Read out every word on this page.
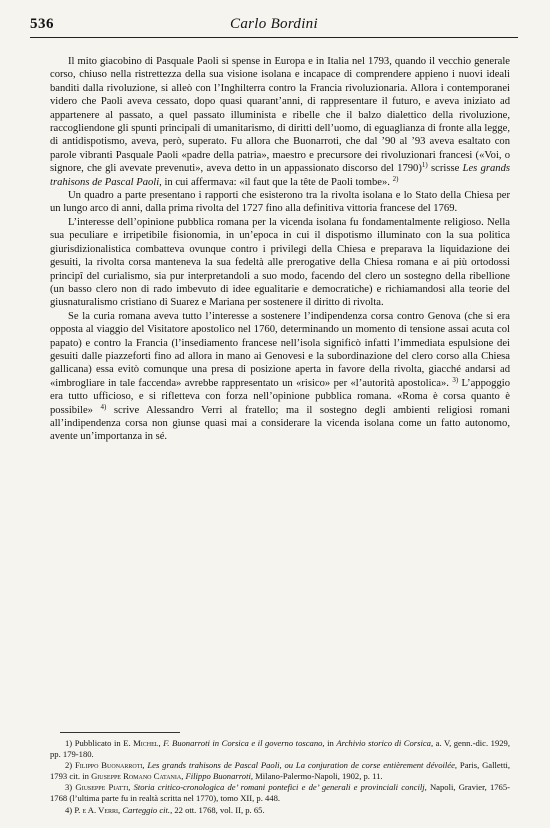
536	Carlo Bordini

Il mito giacobino di Pasquale Paoli si spense in Europa e in Italia nel 1793, quando il vecchio generale corso, chiuso nella ristrettezza della sua visione isolana e incapace di comprendere appieno i nuovi ideali banditi dalla rivoluzione, si alleò con l’Inghilterra contro la Francia rivoluzionaria. Allora i contemporanei videro che Paoli aveva cessato, dopo quasi quarant’anni, di rappresentare il futuro, e aveva iniziato ad appartenere al passato, a quel passato illuminista e ribelle che il balzo dialettico della rivoluzione, raccogliendone gli spunti principali di umanitarismo, di diritti dell’uomo, di eguaglianza di fronte alla legge, di antidispotismo, aveva, però, superato. Fu allora che Buonarroti, che dal ’90 al ’93 aveva esaltato con parole vibranti Pasquale Paoli «padre della patria», maestro e precursore dei rivoluzionari francesi («Voi, o signore, che gli avevate prevenuti», aveva detto in un appassionato discorso del 1790)$^{1)}$ scrisse Les grands trahisons de Pascal Paoli, in cui affermava: «il faut que la tête de Paoli tombe». $^{2)}$

Un quadro a parte presentano i rapporti che esisterono tra la rivolta isolana e lo Stato della Chiesa per un lungo arco di anni, dalla prima rivolta del 1727 fino alla definitiva vittoria francese del 1769.

L’interesse dell’opinione pubblica romana per la vicenda isolana fu fondamentalmente religioso. Nella sua peculiare e irripetibile fisionomia, in un’epoca in cui il dispotismo illuminato con la sua politica giurisdizionalistica combatteva ovunque contro i privilegi della Chiesa e preparava la liquidazione dei gesuiti, la rivolta corsa manteneva la sua fedeltà alle prerogative della Chiesa romana e ai più ortodossi principî del curialismo, sia pur interpretandoli a suo modo, facendo del clero un sostegno della ribellione (un basso clero non di rado imbevuto di idee egualitarie e democratiche) e richiamandosi alla teorie del giusnaturalismo cristiano di Suarez e Mariana per sostenere il diritto di rivolta.

Se la curia romana aveva tutto l’interesse a sostenere l’indipendenza corsa contro Genova (che si era opposta al viaggio del Visitatore apostolico nel 1760, determinando un momento di tensione assai acuta col papato) e contro la Francia (l’insediamento francese nell’isola significò infatti l’immediata espulsione dei gesuiti dalle piazzeforti fino ad allora in mano ai Genovesi e la subordinazione del clero corso alla Chiesa gallicana) essa evitò comunque una presa di posizione aperta in favore della rivolta, giacché andarsi ad «imbrogliare in tale faccenda» avrebbe rappresentato un «risico» per «l’autorità apostolica». $^{3)}$ L’appoggio era tutto ufficioso, e si rifletteva con forza nell’opinione pubblica romana. «Roma è corsa quanto è possibile» $^{4)}$ scrive Alessandro Verri al fratello; ma il sostegno degli ambienti religiosi romani all’indipendenza corsa non giunse quasi mai a considerare la vicenda isolana come un fatto autonomo, avente un’importanza in sé.

1) Pubblicato in E. Michel, F. Buonarroti in Corsica e il governo toscano, in Archivio storico di Corsica, a. V, genn.-dic. 1929, pp. 179-180.

2) Filippo Buonarroti, Les grands trahisons de Pascal Paoli, ou La conjuration de corse entièrement dévoilée, Paris, Galletti, 1793 cit. in Giuseppe Romano Catania, Filippo Buonarroti, Milano-Palermo-Napoli, 1902, p. 11.

3) Giuseppe Piatti, Storia critico-cronologica de’ romani pontefici e de’ generali e provinciali concilj, Napoli, Gravier, 1765-1768 (l’ultima parte fu in realtà scritta nel 1770), tomo XII, p. 448.

4) P. e A. Verri, Carteggio cit., 22 ott. 1768, vol. II, p. 65.
